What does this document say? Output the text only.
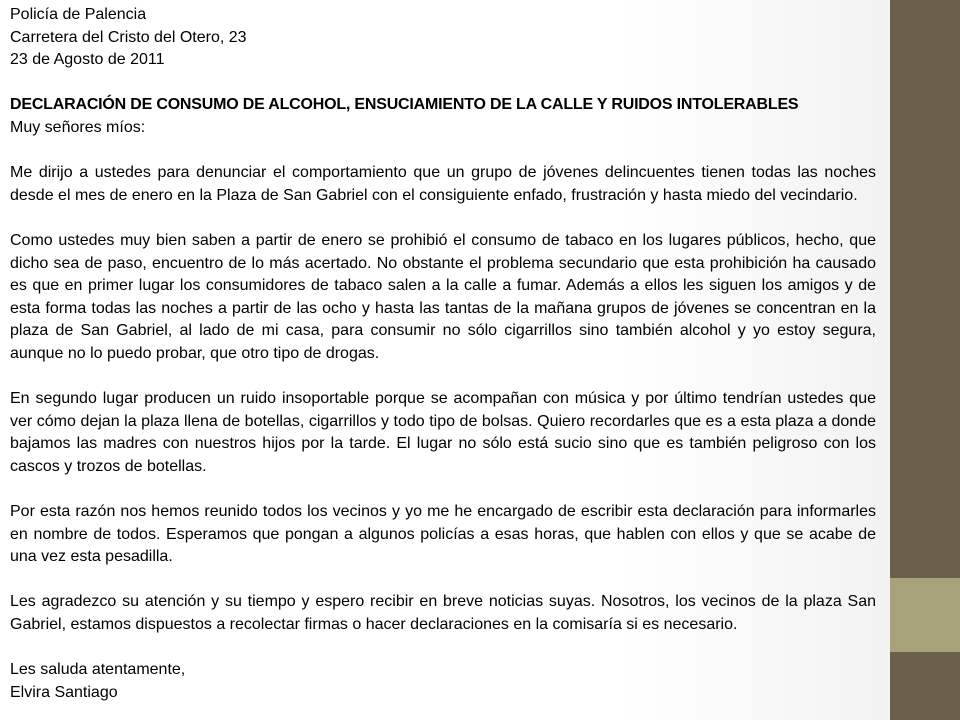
Policía de Palencia
Carretera del Cristo del Otero, 23
23 de Agosto de 2011
DECLARACIÓN DE CONSUMO DE ALCOHOL, ENSUCIAMIENTO DE LA CALLE Y RUIDOS INTOLERABLES
Muy señores míos:
Me dirijo a ustedes para denunciar el comportamiento que un grupo de jóvenes delincuentes tienen todas las noches desde el mes de enero en la Plaza de San Gabriel con el consiguiente enfado, frustración y hasta miedo del vecindario.
Como ustedes muy bien saben a partir de enero se prohibió el consumo de tabaco en los lugares públicos, hecho, que dicho sea de paso, encuentro de lo más acertado. No obstante el problema secundario que esta prohibición ha causado es que en primer lugar los consumidores de tabaco salen a la calle a fumar. Además a ellos les siguen los amigos y de esta forma todas las noches a partir de las ocho y hasta las tantas de la mañana grupos de jóvenes se concentran en la plaza de San Gabriel, al lado de mi casa, para consumir no sólo cigarrillos sino también alcohol y yo estoy segura, aunque no lo puedo probar, que otro tipo de drogas.
En segundo lugar producen un ruido insoportable porque se acompañan con música y por último tendrían ustedes que ver cómo dejan la plaza llena de botellas, cigarrillos y todo tipo de bolsas. Quiero recordarles que es a esta plaza a donde bajamos las madres con nuestros hijos por la tarde. El lugar no sólo está sucio sino que es también peligroso con los cascos y trozos de botellas.
Por esta razón nos hemos reunido todos los vecinos y yo me he encargado de escribir esta declaración para informarles en nombre de todos. Esperamos que pongan a algunos policías a esas horas, que hablen con ellos y que se acabe de una vez esta pesadilla.
Les agradezco su atención y su tiempo y espero recibir en breve noticias suyas. Nosotros, los vecinos de la plaza San Gabriel, estamos dispuestos a recolectar firmas o hacer declaraciones en la comisaría si es necesario.
Les saluda atentamente,
Elvira Santiago
